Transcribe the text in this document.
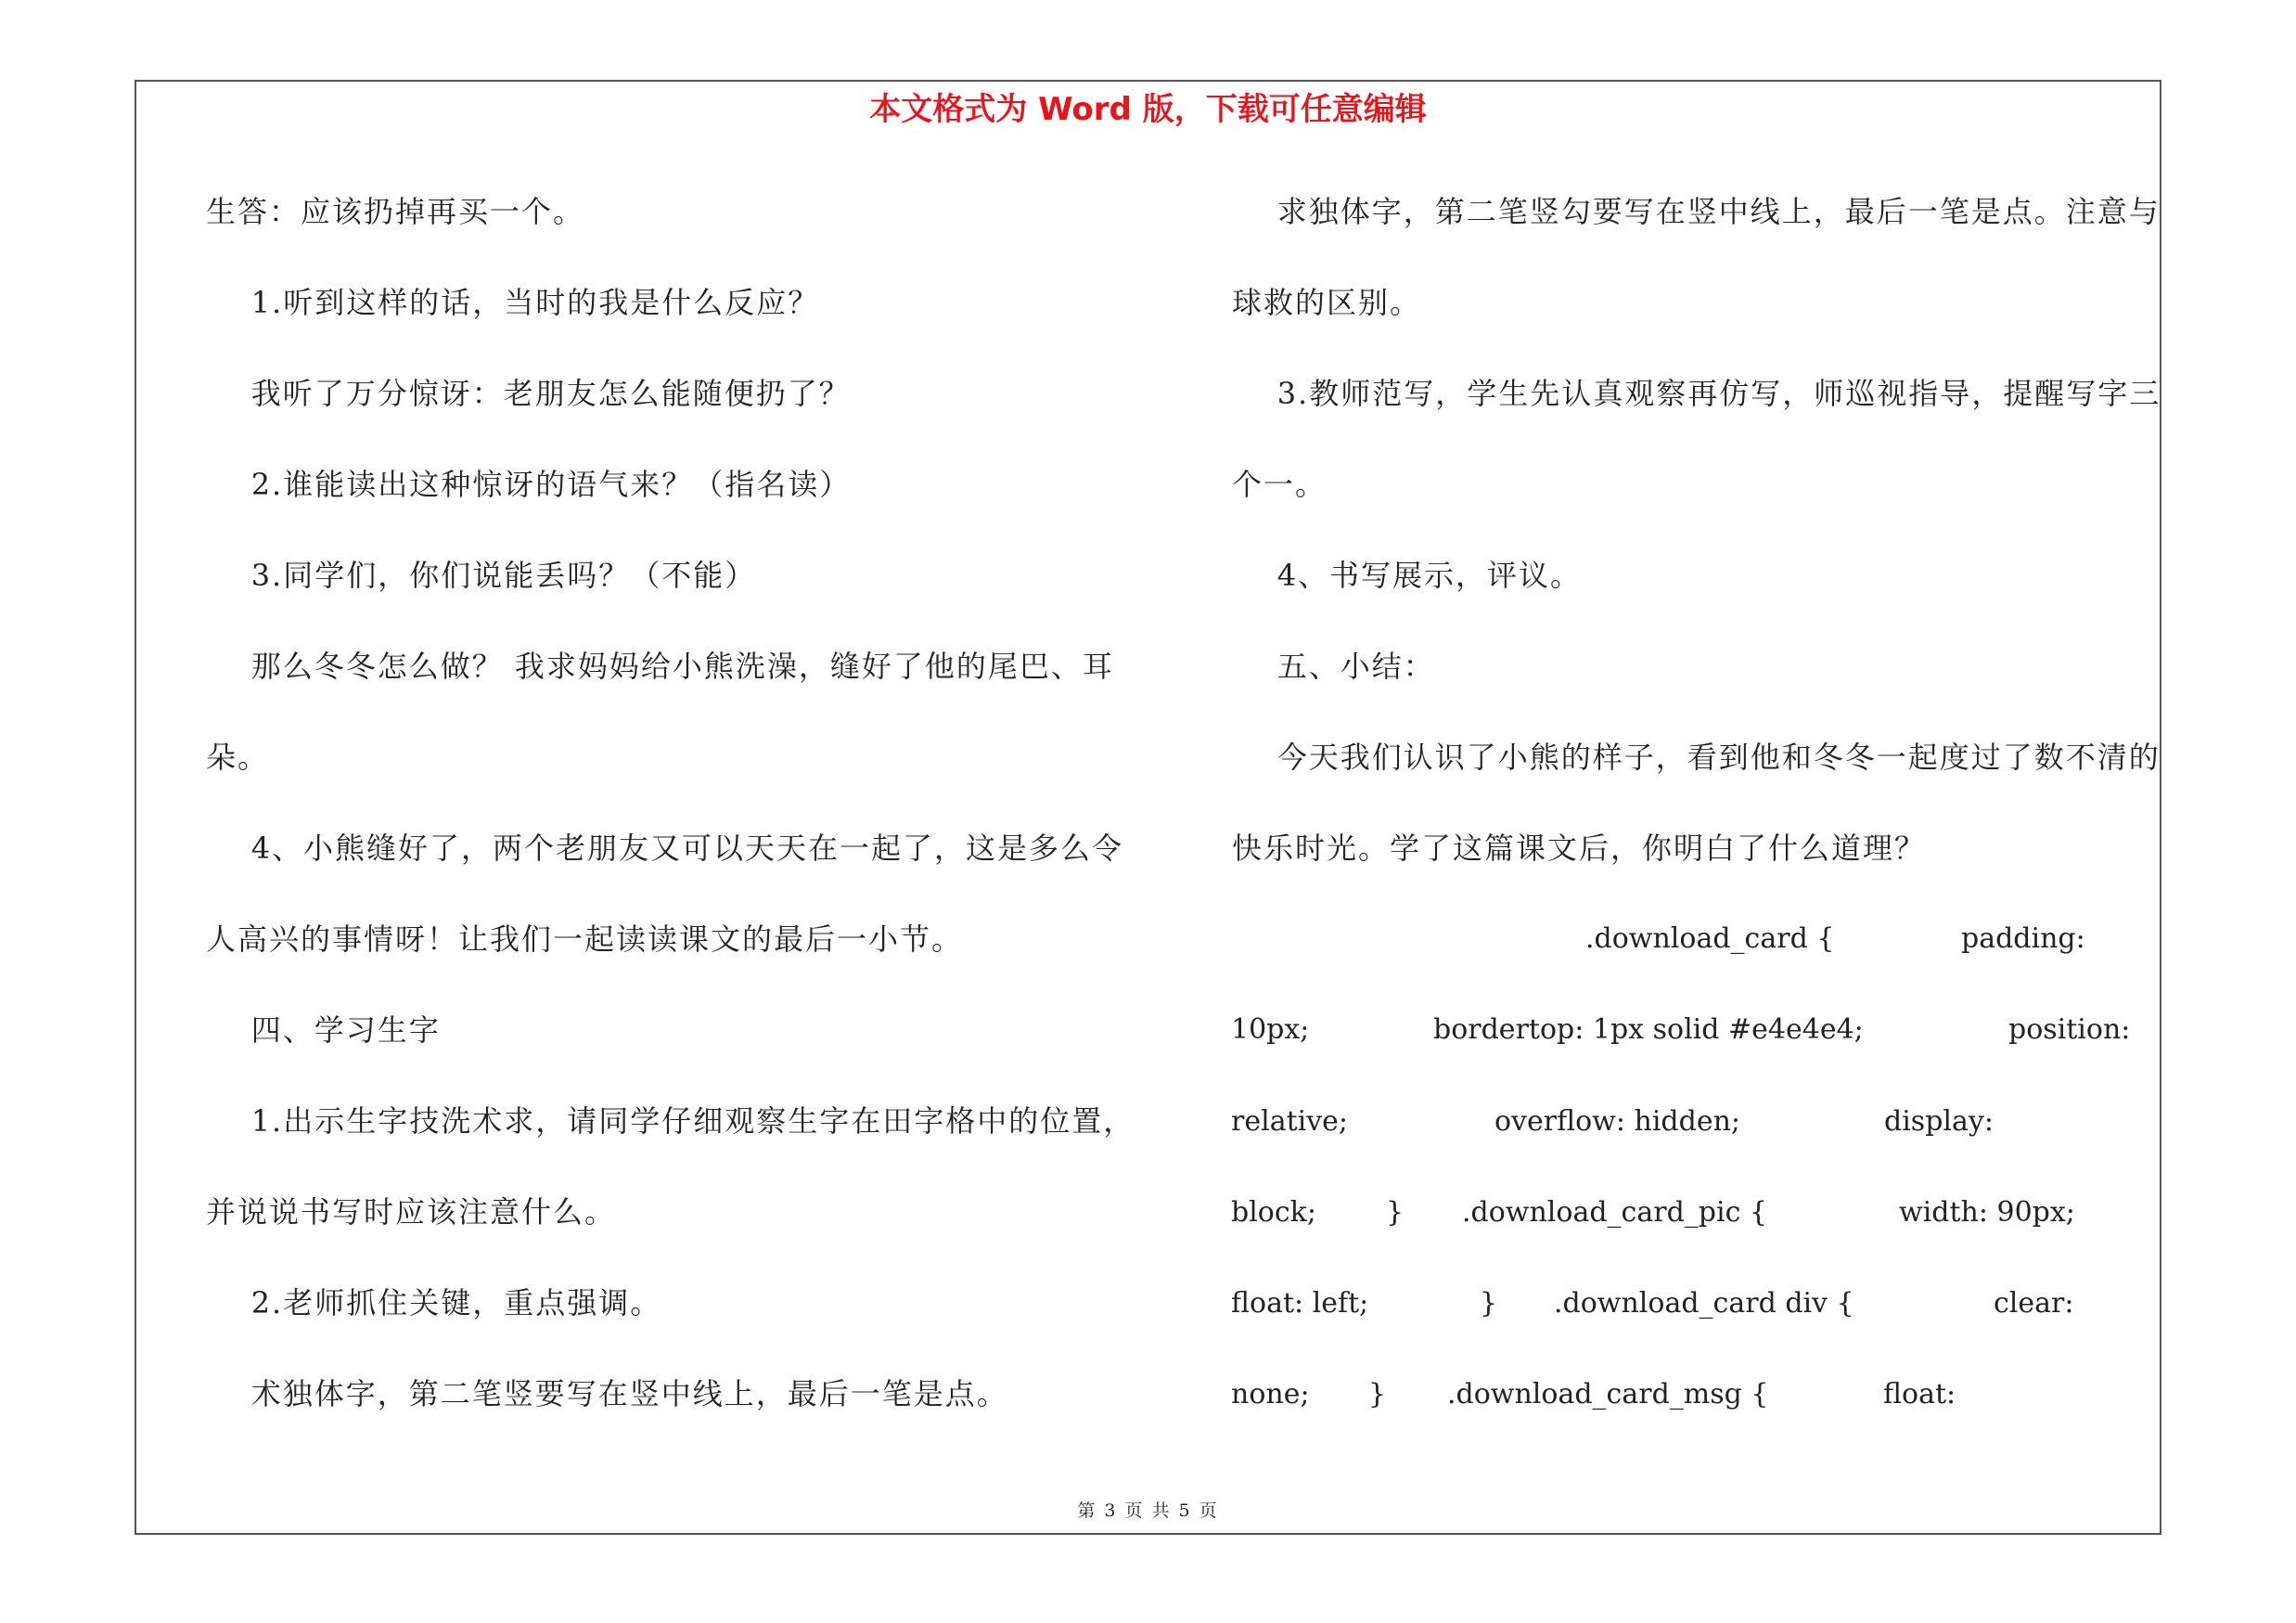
本文格式为 Word 版，下载可任意编辑
生答：应该扔掉再买一个。
1.听到这样的话，当时的我是什么反应？
我听了万分惊讶：老朋友怎么能随便扔了？
2.谁能读出这种惊讶的语气来？（指名读）
3.同学们，你们说能丢吗？（不能）
那么冬冬怎么做？ 我求妈妈给小熊洗澡，缝好了他的尾巴、耳
朵。
4、小熊缝好了，两个老朋友又可以天天在一起了，这是多么令
人高兴的事情呀！让我们一起读读课文的最后一小节。
四、学习生字
1.出示生字技洗术求，请同学仔细观察生字在田字格中的位置，
并说说书写时应该注意什么。
2.老师抓住关键，重点强调。
术独体字，第二笔竖要写在竖中线上，最后一笔是点。
求独体字，第二笔竖勾要写在竖中线上，最后一笔是点。注意与
球救的区别。
3.教师范写，学生先认真观察再仿写，师巡视指导，提醒写字三
个一。
4、书写展示，评议。
五、小结：
今天我们认识了小熊的样子，看到他和冬冬一起度过了数不清的
快乐时光。学了这篇课文后，你明白了什么道理？
.download_card {	padding:
10px;	bordertop: 1px solid #e4e4e4;	position:
relative;	overflow: hidden;	display:
block;	} .download_card_pic {	width: 90px;
float: left;	} .download_card div {	clear:
none; } .download_card_msg {	float:
第 3 页 共 5 页
